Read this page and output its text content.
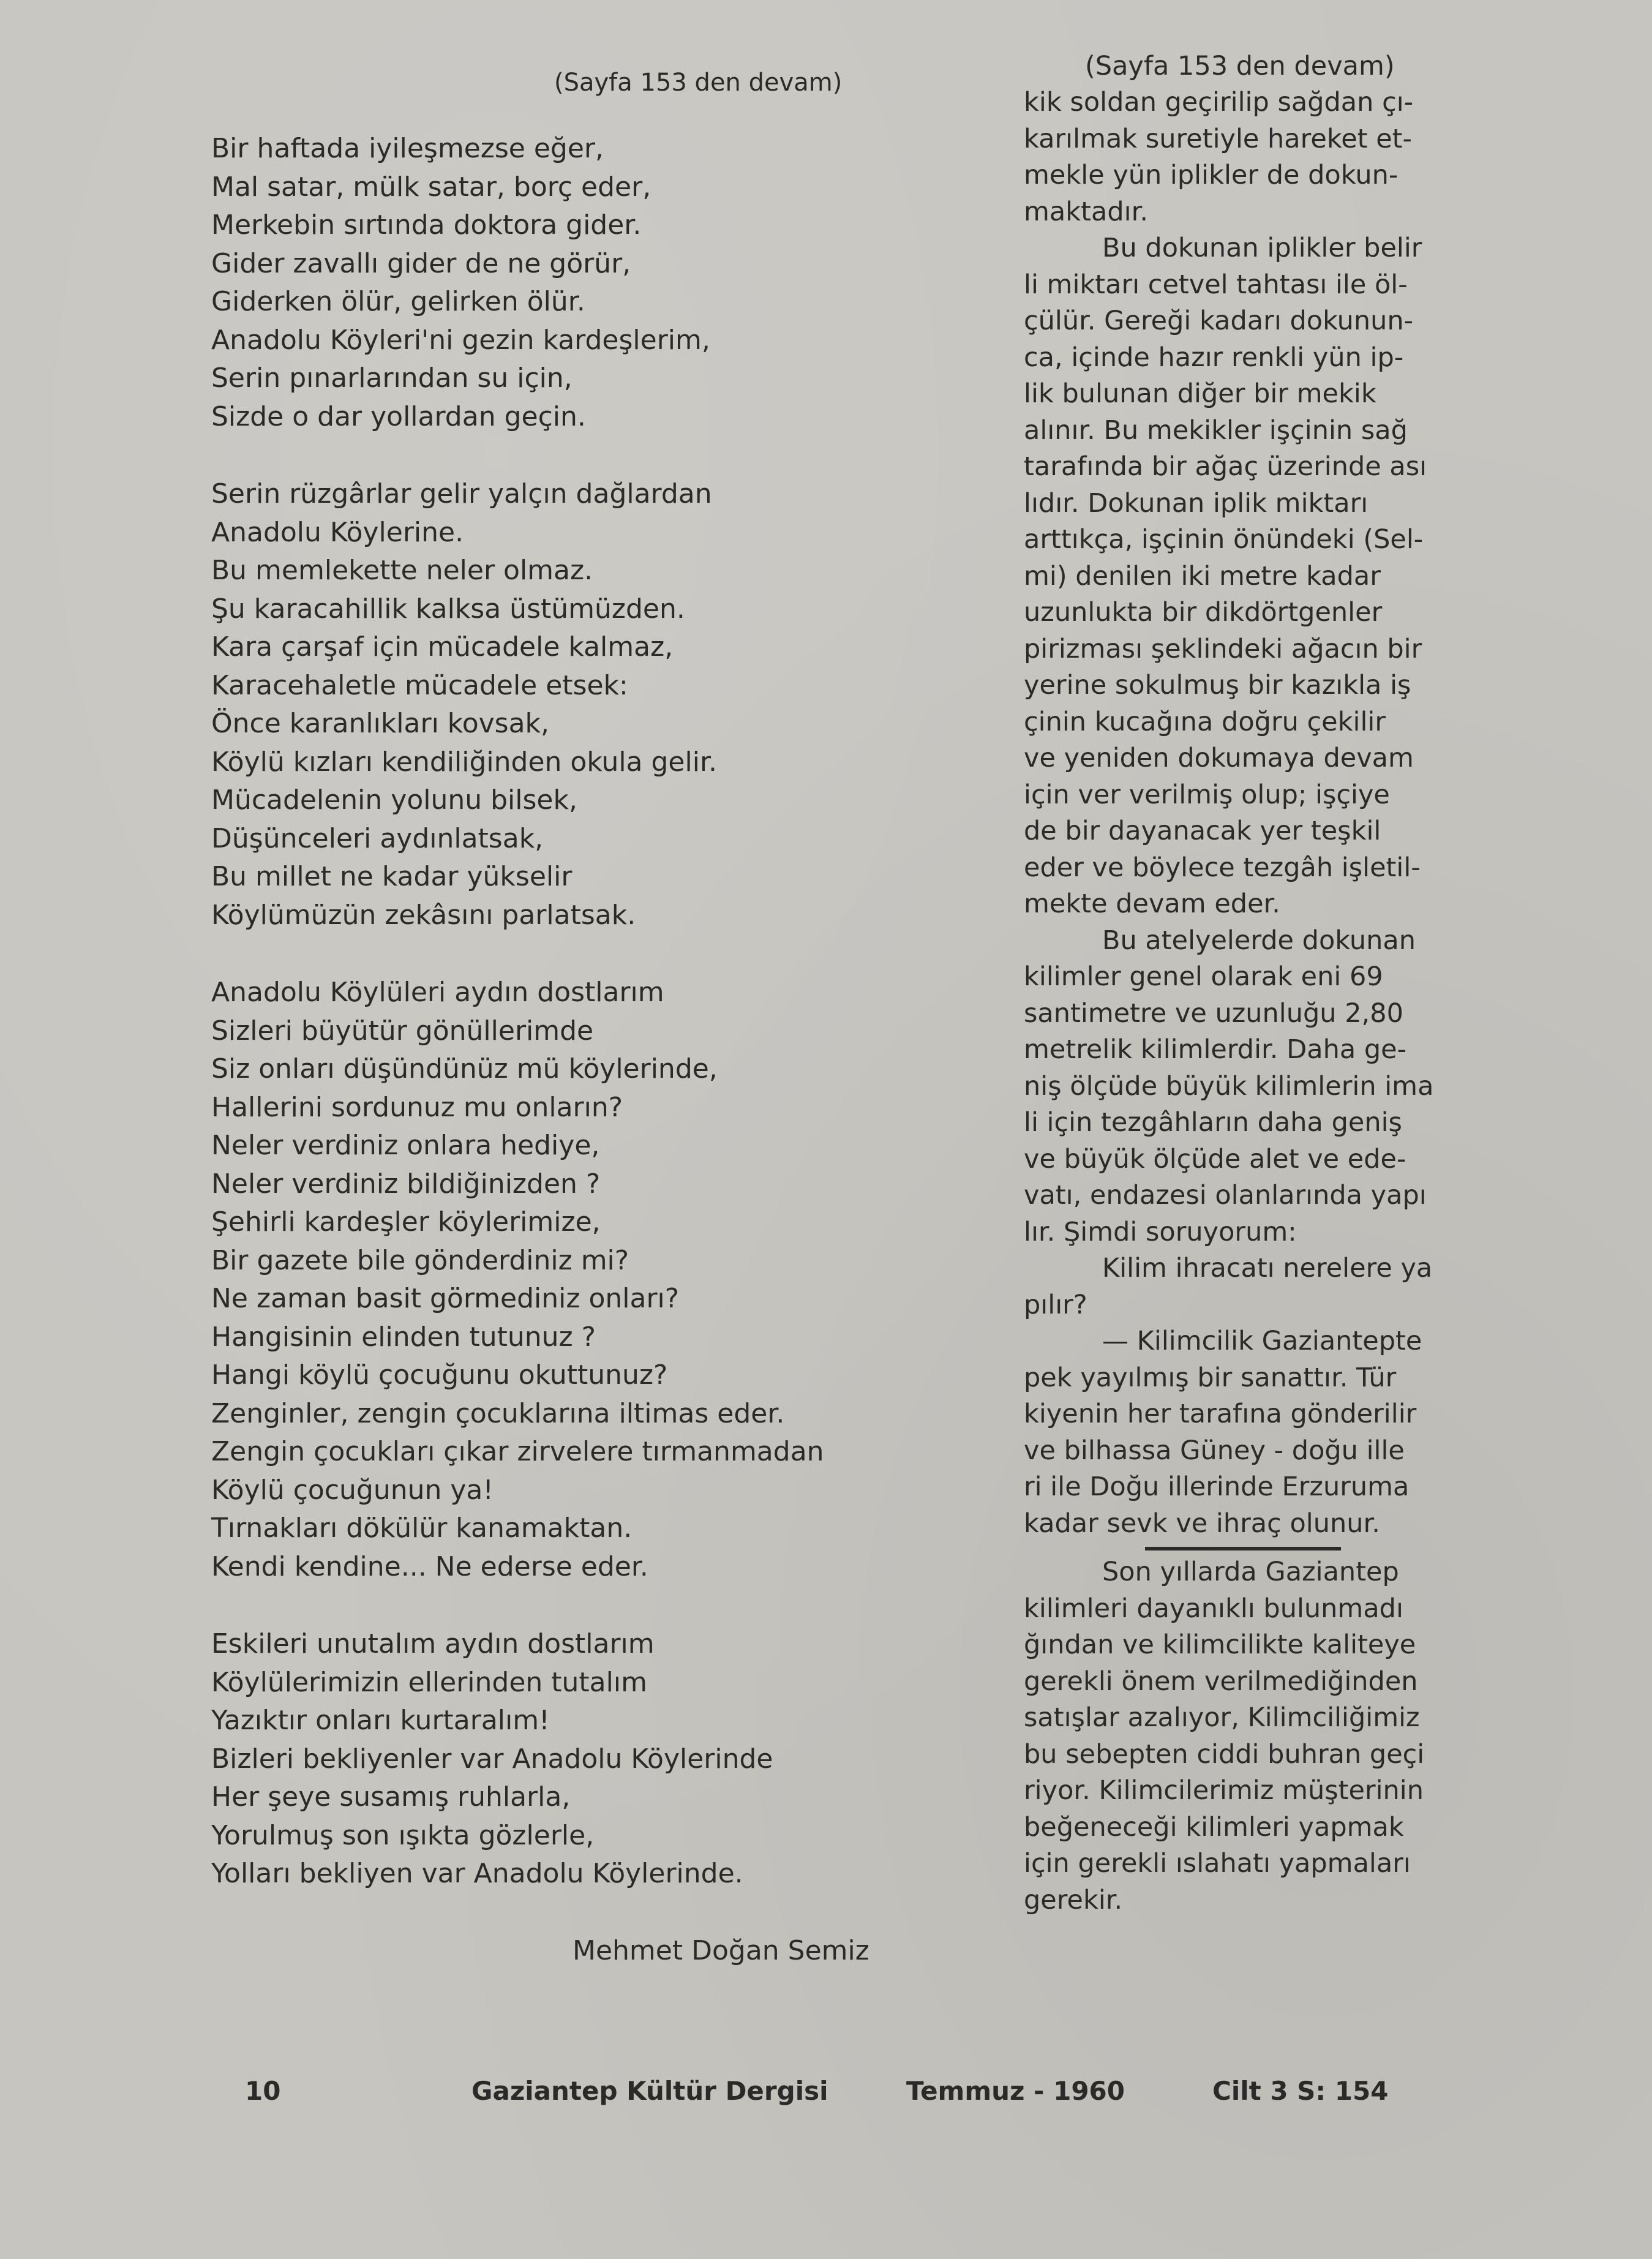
(Sayfa 153 den devam)
Bir haftada iyileşmezse eğer,
Mal satar, mülk satar, borç eder,
Merkebin sırtında doktora gider.
Gider zavallı gider de ne görür,
Giderken ölür, gelirken ölür.
Anadolu Köyleri'ni gezin kardeşlerim,
Serin pınarlarından su için,
Sizde o dar yollardan geçin.
Serin rüzgârlar gelir yalçın dağlardan
Anadolu Köylerine.
Bu memlekette neler olmaz.
Şu karacahillik kalksa üstümüzden.
Kara çarşaf için mücadele kalmaz,
Karacehaletle mücadele etsek:
Önce karanlıkları kovsak,
Köylü kızları kendiliğinden okula gelir.
Mücadelenin yolunu bilsek,
Düşünceleri aydınlatsak,
Bu millet ne kadar yükselir
Köylümüzün zekâsını parlatsak.
Anadolu Köylüleri aydın dostlarım
Sizleri büyütür gönüllerimde
Siz onları düşündünüz mü köylerinde,
Hallerini sordunuz mu onların?
Neler verdiniz onlara hediye,
Neler verdiniz bildiğinizden ?
Şehirli kardeşler köylerimize,
Bir gazete bile gönderdiniz mi?
Ne zaman basit görmediniz onları?
Hangisinin elinden tutunuz ?
Hangi köylü çocuğunu okuttunuz?
Zenginler, zengin çocuklarına iltimas eder.
Zengin çocukları çıkar zirvelere tırmanmadan
Köylü çocuğunun ya!
Tırnakları dökülür kanamaktan.
Kendi kendine... Ne ederse eder.
Eskileri unutalım aydın dostlarım
Köylülerimizin ellerinden tutalım
Yazıktır onları kurtaralım!
Bizleri bekliyenler var Anadolu Köylerinde
Her şeye susamış ruhlarla,
Yorulmuş son ışıkta gözlerle,
Yolları bekliyen var Anadolu Köylerinde.
Mehmet Doğan Semiz
(Sayfa 153 den devam)
kik soldan geçirilip sağdan çı-
karılmak suretiyle hareket et-
mekle yün iplikler de dokun-
maktadır.
Bu dokunan iplikler belir
li miktarı cetvel tahtası ile öl-
çülür. Gereği kadarı dokunun-
ca, içinde hazır renkli yün ip-
lik bulunan diğer bir mekik
alınır. Bu mekikler işçinin sağ
tarafında bir ağaç üzerinde ası
lıdır. Dokunan iplik miktarı
arttıkça, işçinin önündeki (Sel-
mi) denilen iki metre kadar
uzunlukta bir dikdörtgenler
pirizması şeklindeki ağacın bir
yerine sokulmuş bir kazıkla iş
çinin kucağına doğru çekilir
ve yeniden dokumaya devam
için ver verilmiş olup; işçiye
de bir dayanacak yer teşkil
eder ve böylece tezgâh işletil-
mekte devam eder.
Bu atelyelerde dokunan
kilimler genel olarak eni 69
santimetre ve uzunluğu 2,80
metrelik kilimlerdir. Daha ge-
niş ölçüde büyük kilimlerin ima
li için tezgâhların daha geniş
ve büyük ölçüde alet ve ede-
vatı, endazesi olanlarında yapı
lır. Şimdi soruyorum:
Kilim ihracatı nerelere ya
pılır?
— Kilimcilik Gaziantepte
pek yayılmış bir sanattır. Tür
kiyenin her tarafına gönderilir
ve bilhassa Güney - doğu ille
ri ile Doğu illerinde Erzuruma
kadar sevk ve ihraç olunur.
Son yıllarda Gaziantep
kilimleri dayanıklı bulunmadı
ğından ve kilimcilikte kaliteye
gerekli önem verilmediğinden
satışlar azalıyor, Kilimciliğimiz
bu sebepten ciddi buhran geçi
riyor. Kilimcilerimiz müşterinin
beğeneceği kilimleri yapmak
için gerekli ıslahatı yapmaları
gerekir.
10	Gaziantep Kültür Dergisi	Temmuz - 1960	Cilt 3 S: 154
